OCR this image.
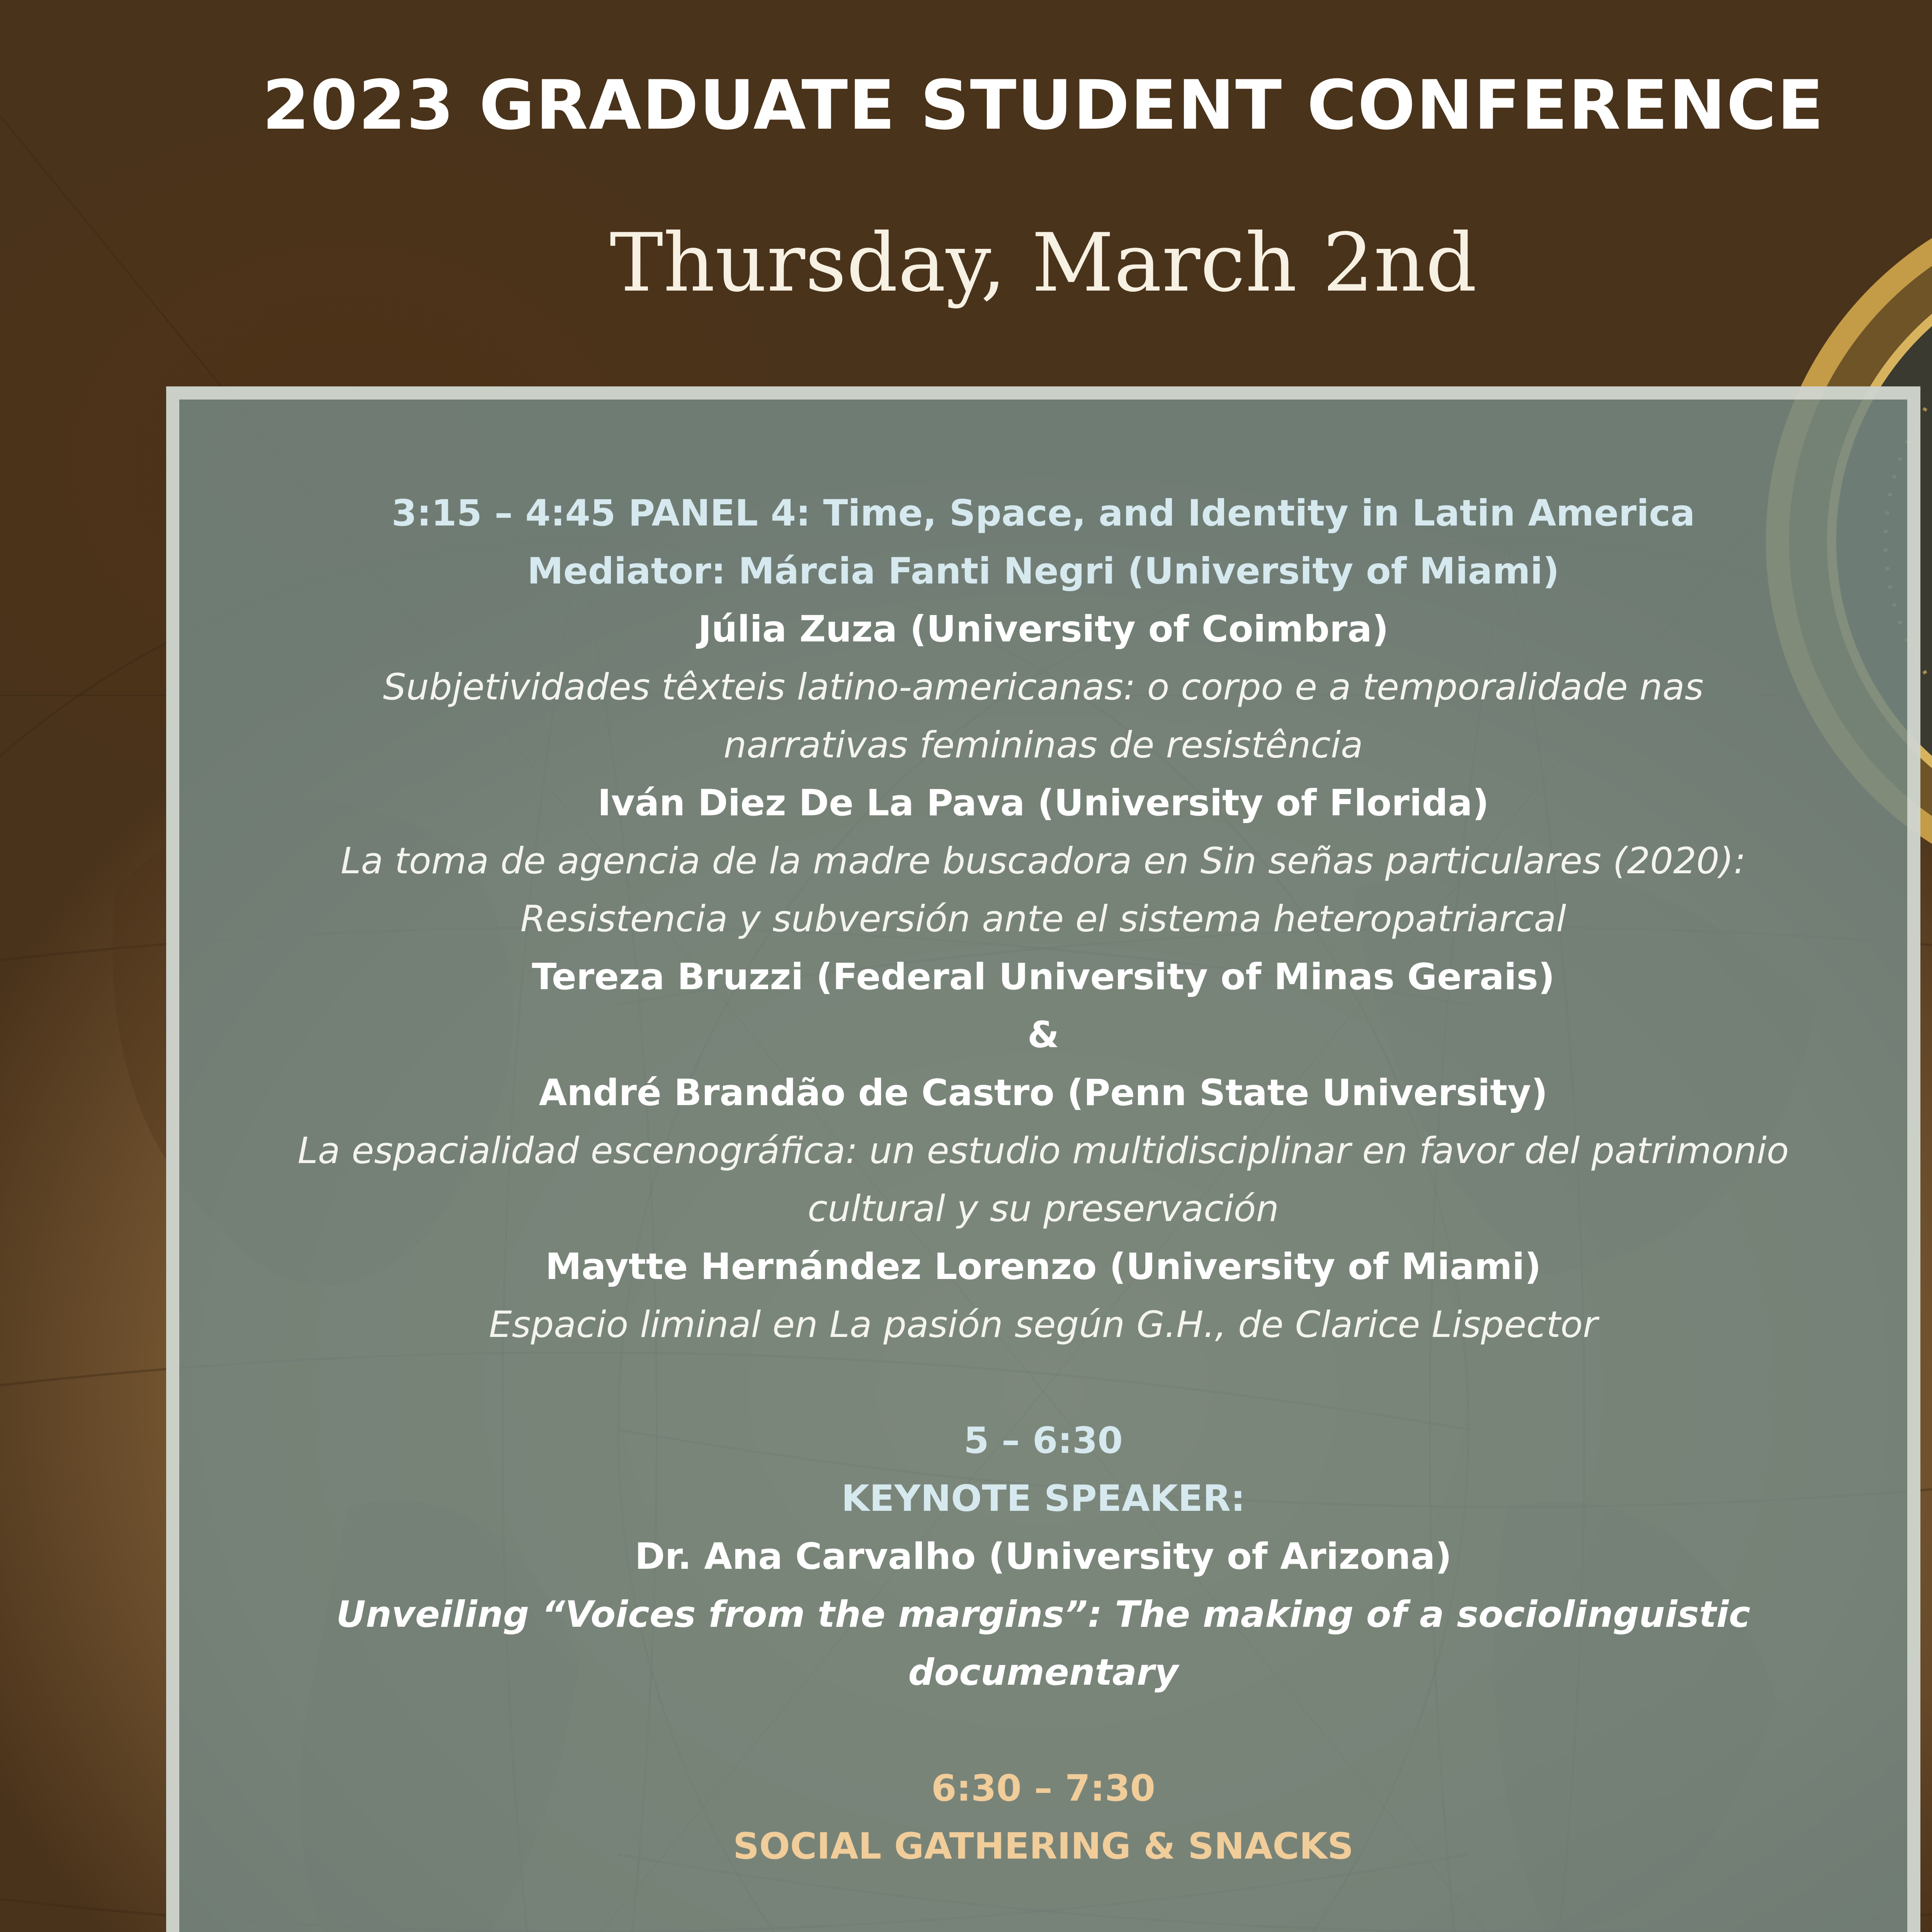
2023 GRADUATE STUDENT CONFERENCE
Thursday, March 2nd
3:15 – 4:45 PANEL 4: Time, Space, and Identity in Latin America
Mediator: Márcia Fanti Negri (University of Miami)
Júlia Zuza (University of Coimbra)
Subjetividades têxteis latino-americanas: o corpo e a temporalidade nas
narrativas femininas de resistência
Iván Diez De La Pava (University of Florida)
La toma de agencia de la madre buscadora en Sin señas particulares (2020):
Resistencia y subversión ante el sistema heteropatriarcal
Tereza Bruzzi (Federal University of Minas Gerais)
&
André Brandão de Castro (Penn State University)
La espacialidad escenográfica: un estudio multidisciplinar en favor del patrimonio
cultural y su preservación
Maytte Hernández Lorenzo (University of Miami)
Espacio liminal en La pasión según G.H., de Clarice Lispector
5 – 6:30
KEYNOTE SPEAKER:
Dr. Ana Carvalho (University of Arizona)
Unveiling “Voices from the margins”: The making of a sociolinguistic
documentary
6:30 – 7:30
SOCIAL GATHERING & SNACKS
